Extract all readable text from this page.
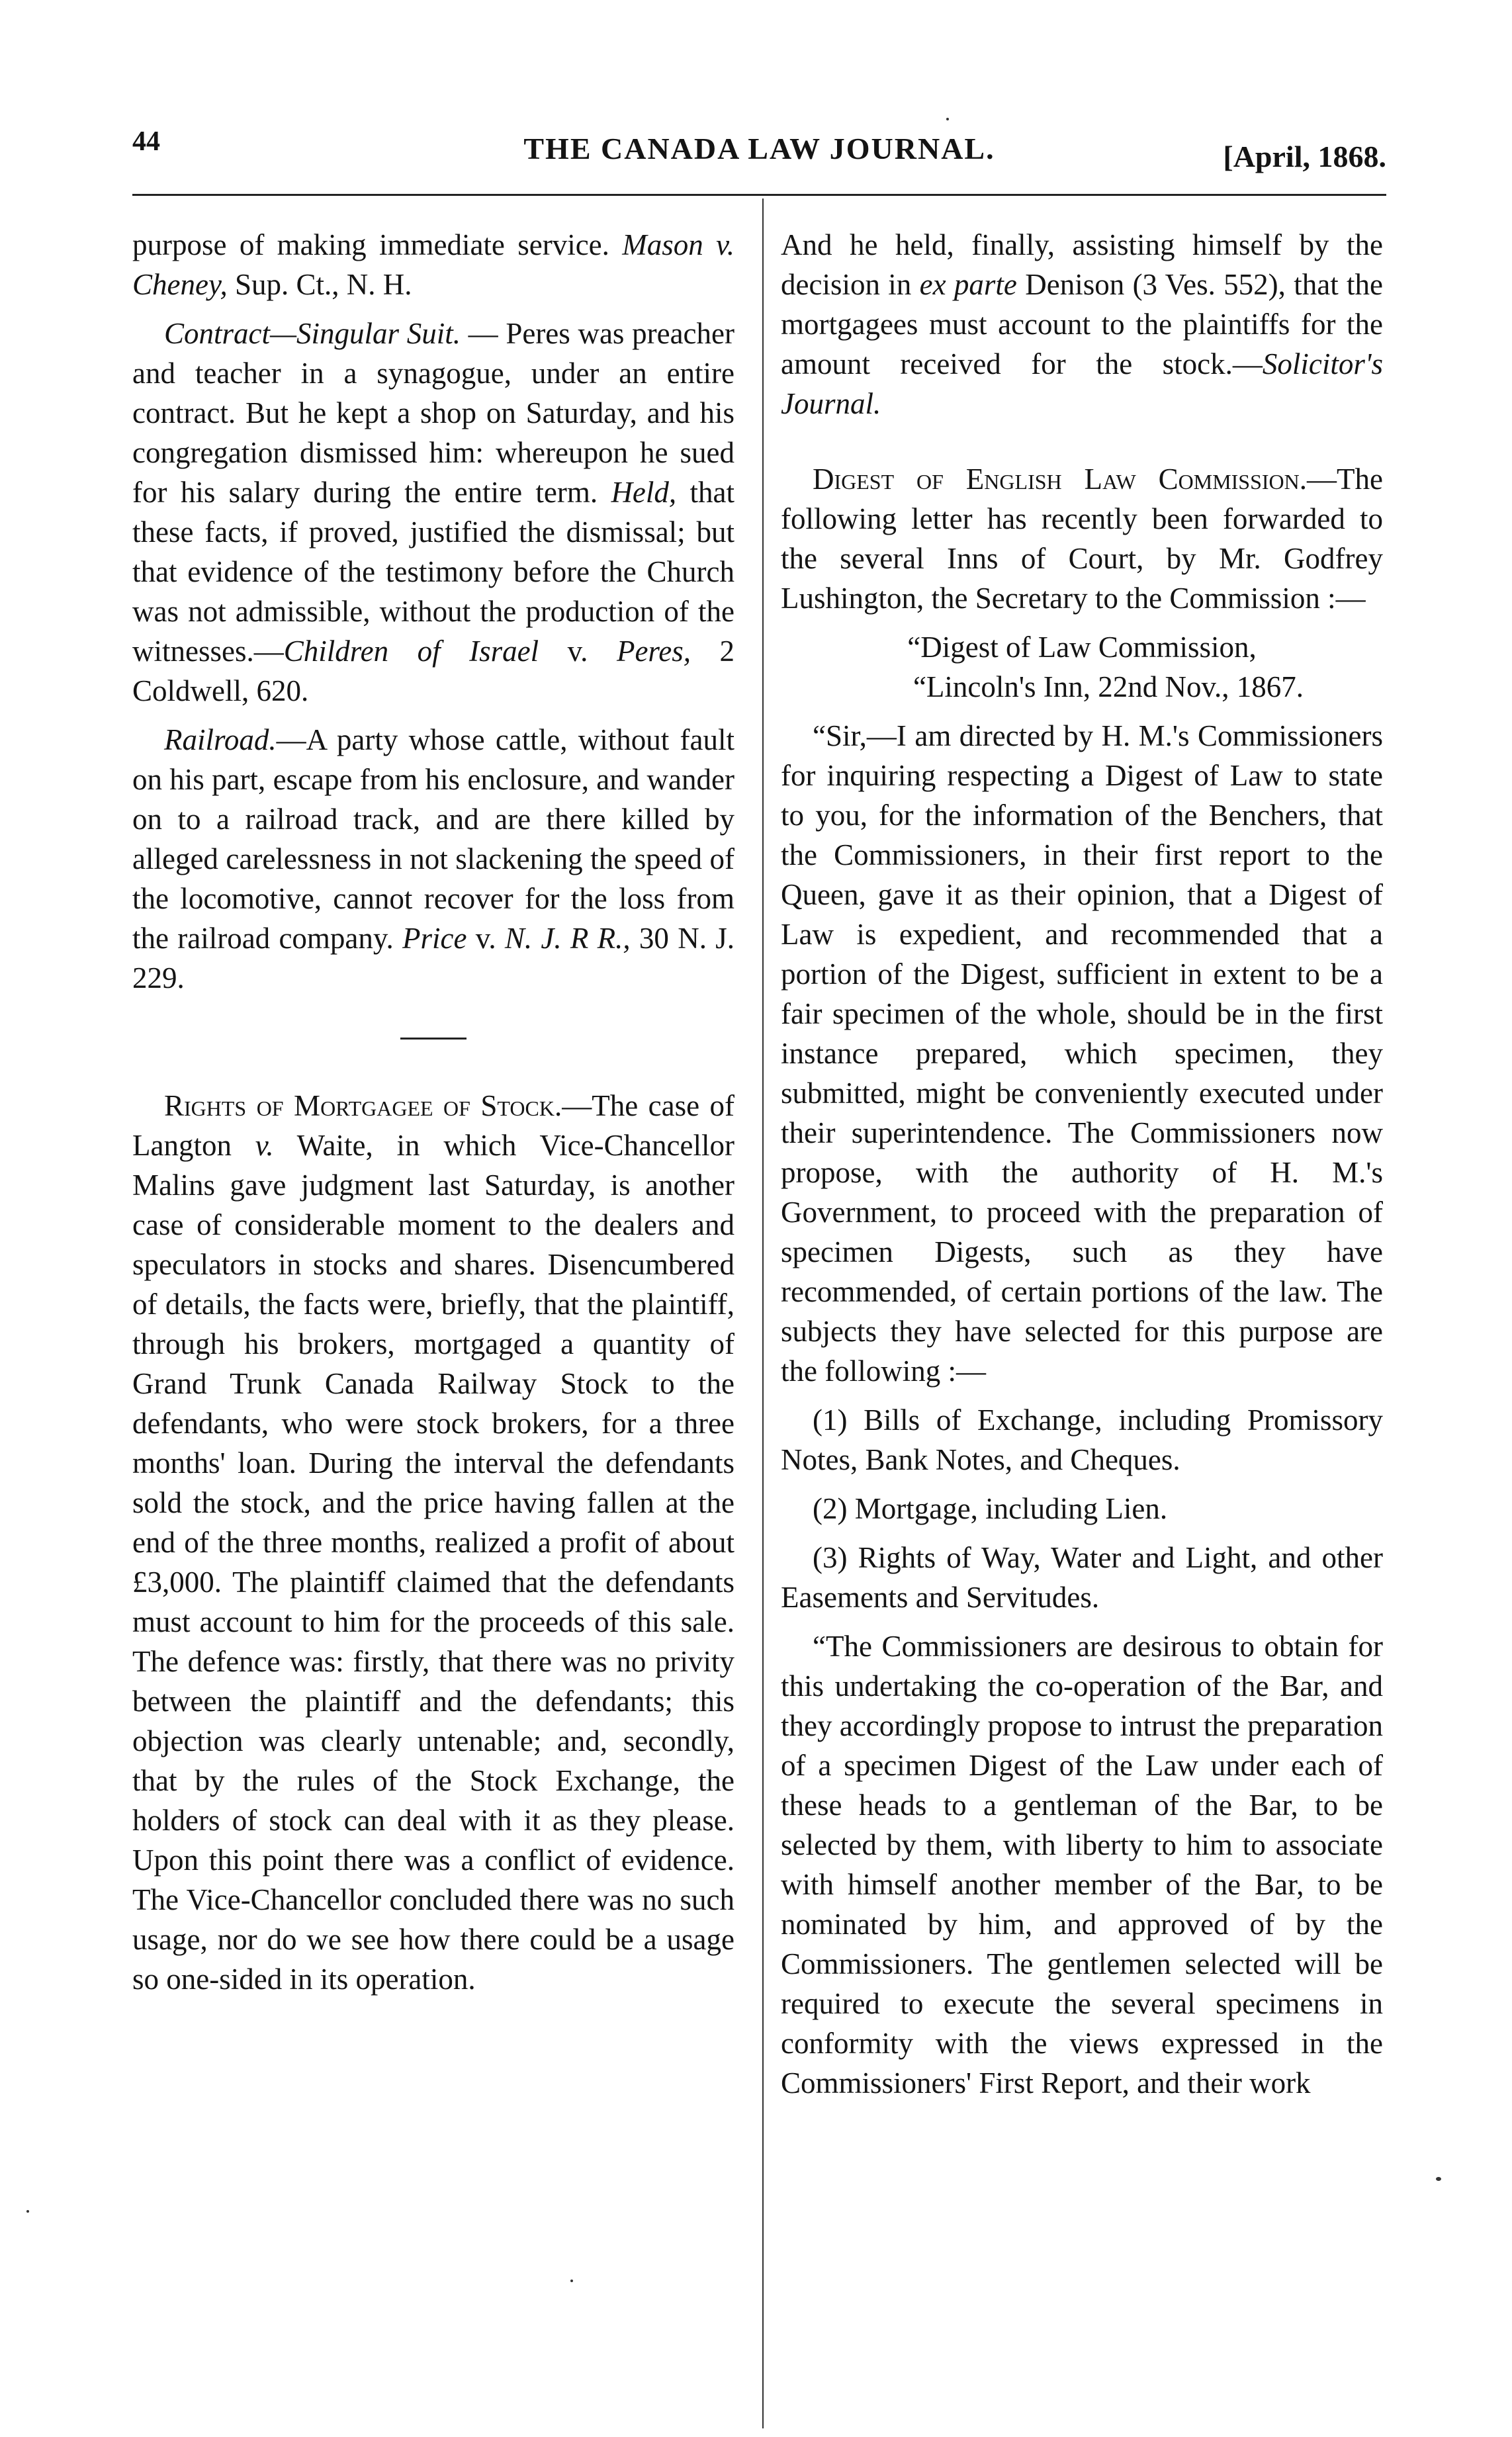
44	THE CANADA LAW JOURNAL.	[April, 1868.

purpose of making immediate service. Mason v. Cheney, Sup. Ct., N. H.

Contract—Singular Suit. — Peres was preacher and teacher in a synagogue, under an entire contract. But he kept a shop on Saturday, and his congregation dismissed him: whereupon he sued for his salary during the entire term. Held, that these facts, if proved, justified the dismissal; but that evidence of the testimony before the Church was not admissible, without the production of the witnesses.—Children of Israel v. Peres, 2 Coldwell, 620.

Railroad.—A party whose cattle, without fault on his part, escape from his enclosure, and wander on to a railroad track, and are there killed by alleged carelessness in not slackening the speed of the locomotive, cannot recover for the loss from the railroad company. Price v. N. J. R R., 30 N. J. 229.

Rights of Mortgagee of Stock.—The case of Langton v. Waite, in which Vice-Chancellor Malins gave judgment last Saturday, is another case of considerable moment to the dealers and speculators in stocks and shares. Disencumbered of details, the facts were, briefly, that the plaintiff, through his brokers, mortgaged a quantity of Grand Trunk Canada Railway Stock to the defendants, who were stock brokers, for a three months' loan. During the interval the defendants sold the stock, and the price having fallen at the end of the three months, realized a profit of about £3,000. The plaintiff claimed that the defendants must account to him for the proceeds of this sale. The defence was: firstly, that there was no privity between the plaintiff and the defendants; this objection was clearly untenable; and, secondly, that by the rules of the Stock Exchange, the holders of stock can deal with it as they please. Upon this point there was a conflict of evidence. The Vice-Chancellor concluded there was no such usage, nor do we see how there could be a usage so one-sided in its operation.

And he held, finally, assisting himself by the decision in ex parte Denison (3 Ves. 552), that the mortgagees must account to the plaintiffs for the amount received for the stock.—Solicitor's Journal.

Digest of English Law Commission.—The following letter has recently been forwarded to the several Inns of Court, by Mr. Godfrey Lushington, the Secretary to the Commission :—

“Digest of Law Commission,

“Lincoln's Inn, 22nd Nov., 1867.

“Sir,—I am directed by H. M.'s Commissioners for inquiring respecting a Digest of Law to state to you, for the information of the Benchers, that the Commissioners, in their first report to the Queen, gave it as their opinion, that a Digest of Law is expedient, and recommended that a portion of the Digest, sufficient in extent to be a fair specimen of the whole, should be in the first instance prepared, which specimen, they submitted, might be conveniently executed under their superintendence. The Commissioners now propose, with the authority of H. M.'s Government, to proceed with the preparation of specimen Digests, such as they have recommended, of certain portions of the law. The subjects they have selected for this purpose are the following :—

(1) Bills of Exchange, including Promissory Notes, Bank Notes, and Cheques.

(2) Mortgage, including Lien.

(3) Rights of Way, Water and Light, and other Easements and Servitudes.

“The Commissioners are desirous to obtain for this undertaking the co-operation of the Bar, and they accordingly propose to intrust the preparation of a specimen Digest of the Law under each of these heads to a gentleman of the Bar, to be selected by them, with liberty to him to associate with himself another member of the Bar, to be nominated by him, and approved of by the Commissioners. The gentlemen selected will be required to execute the several specimens in conformity with the views expressed in the Commissioners' First Report, and their work
